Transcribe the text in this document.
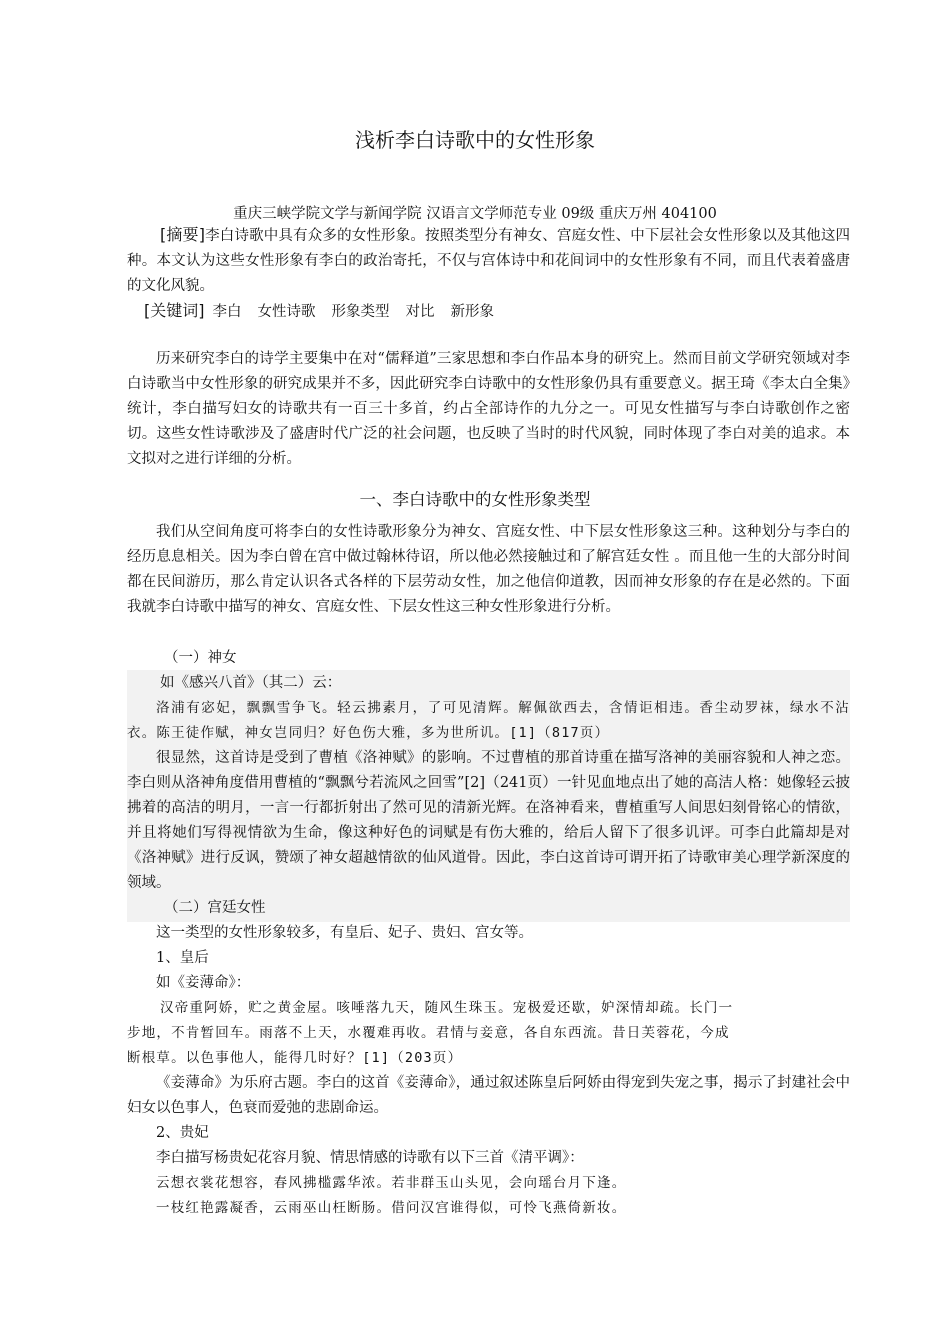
浅析李白诗歌中的女性形象
重庆三峡学院文学与新闻学院 汉语言文学师范专业 09级 重庆万州 404100

[摘要]李白诗歌中具有众多的女性形象。按照类型分有神女、宫庭女性、中下层社会女性形象以及其他这四种。本文认为这些女性形象有李白的政治寄托，不仅与宫体诗中和花间词中的女性形象有不同，而且代表着盛唐的文化风貌。

[关键词] 李白 女性诗歌 形象类型 对比 新形象

历来研究李白的诗学主要集中在对“儒释道”三家思想和李白作品本身的研究上。然而目前文学研究领域对李白诗歌当中女性形象的研究成果并不多，因此研究李白诗歌中的女性形象仍具有重要意义。据王琦《李太白全集》统计，李白描写妇女的诗歌共有一百三十多首，约占全部诗作的九分之一。可见女性描写与李白诗歌创作之密切。这些女性诗歌涉及了盛唐时代广泛的社会问题，也反映了当时的时代风貌，同时体现了李白对美的追求。本文拟对之进行详细的分析。

一、李白诗歌中的女性形象类型

我们从空间角度可将李白的女性诗歌形象分为神女、宫庭女性、中下层女性形象这三种。这种划分与李白的经历息息相关。因为李白曾在宫中做过翰林待诏，所以他必然接触过和了解宫廷女性 。而且他一生的大部分时间都在民间游历，那么肯定认识各式各样的下层劳动女性，加之他信仰道教，因而神女形象的存在是必然的。下面我就李白诗歌中描写的神女、宫庭女性、下层女性这三种女性形象进行分析。

（一）神女

如《感兴八首》（其二）云：

洛浦有宓妃，飘飘雪争飞。轻云拂素月，了可见清辉。解佩欲西去，含情讵相违。香尘动罗袜，绿水不沾衣。陈王徒作赋，神女岂同归？好色伤大雅，多为世所讥。[1]（817页）

很显然，这首诗是受到了曹植《洛神赋》的影响。不过曹植的那首诗重在描写洛神的美丽容貌和人神之恋。李白则从洛神角度借用曹植的“飘飘兮若流风之回雪”[2]（241页）一针见血地点出了她的高洁人格：她像轻云披拂着的高洁的明月，一言一行都折射出了然可见的清新光辉。在洛神看来，曹植重写人间思妇刻骨铭心的情欲，并且将她们写得视情欲为生命，像这种好色的词赋是有伤大雅的，给后人留下了很多讥评。可李白此篇却是对《洛神赋》进行反讽，赞颂了神女超越情欲的仙风道骨。因此，李白这首诗可谓开拓了诗歌审美心理学新深度的领域。

（二）宫廷女性

这一类型的女性形象较多，有皇后、妃子、贵妇、宫女等。

1、皇后

如《妾薄命》：

汉帝重阿娇，贮之黄金屋。咳唾落九天，随风生珠玉。宠极爱还歇，妒深情却疏。长门一

步地，不肯暂回车。雨落不上天，水覆难再收。君情与妾意，各自东西流。昔日芙蓉花，今成

断根草。以色事他人，能得几时好？[1]（203页）

《妾薄命》为乐府古题。李白的这首《妾薄命》，通过叙述陈皇后阿娇由得宠到失宠之事，揭示了封建社会中妇女以色事人，色衰而爱弛的悲剧命运。

2、贵妃

李白描写杨贵妃花容月貌、情思情感的诗歌有以下三首《清平调》：

云想衣裳花想容，春风拂槛露华浓。若非群玉山头见，会向瑶台月下逢。

一枝红艳露凝香，云雨巫山枉断肠。借问汉宫谁得似，可怜飞燕倚新妆。
